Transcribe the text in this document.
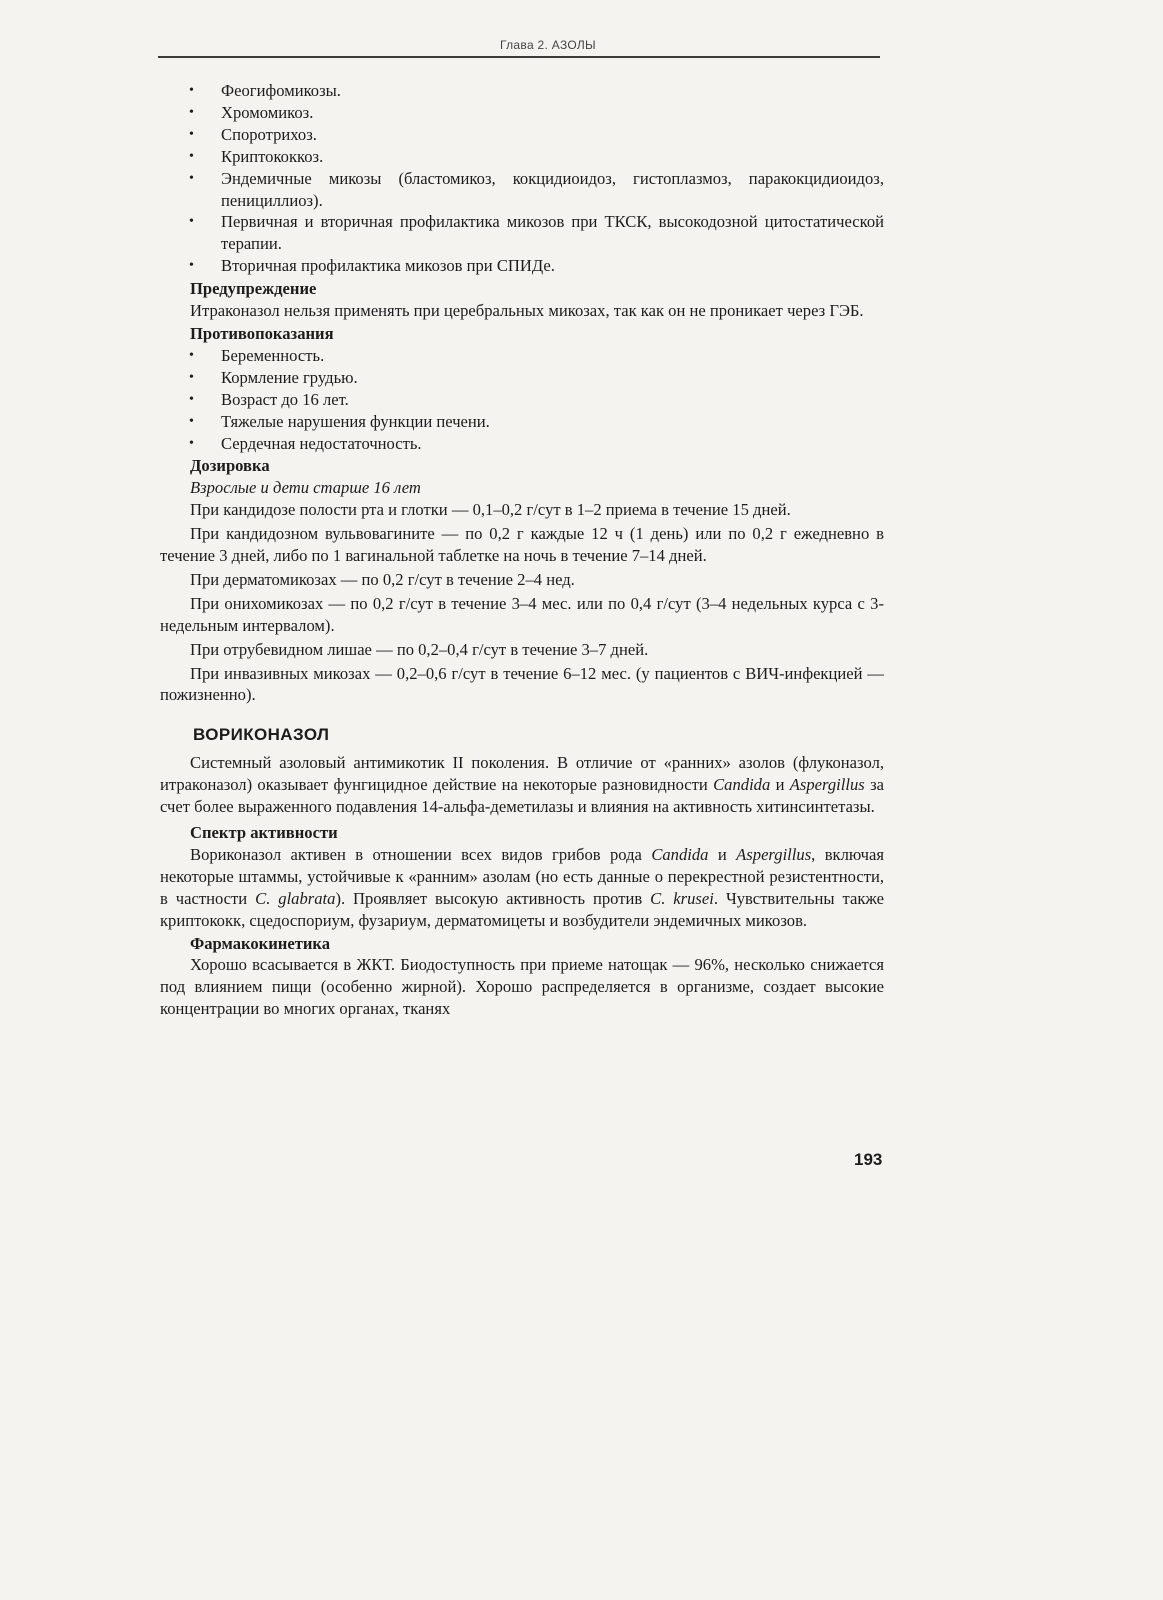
Глава 2. АЗОЛЫ
• Феогифомикозы.
• Хромомикоз.
• Споротрихоз.
• Криптококкоз.
• Эндемичные микозы (бластомикоз, кокцидиоидоз, гистоплазмоз, паракокцидиоидоз, пенициллиоз).
• Первичная и вторичная профилактика микозов при ТКСК, высокодозной цитостатической терапии.
• Вторичная профилактика микозов при СПИДе.
Предупреждение

Итраконазол нельзя применять при церебральных микозах, так как он не проникает через ГЭБ.

Противопоказания
• Беременность.
• Кормление грудью.
• Возраст до 16 лет.
• Тяжелые нарушения функции печени.
• Сердечная недостаточность.
Дозировка
Взрослые и дети старше 16 лет

При кандидозе полости рта и глотки — 0,1–0,2 г/сут в 1–2 приема в течение 15 дней.

При кандидозном вульвовагините — по 0,2 г каждые 12 ч (1 день) или по 0,2 г ежедневно в течение 3 дней, либо по 1 вагинальной таблетке на ночь в течение 7–14 дней.

При дерматомикозах — по 0,2 г/сут в течение 2–4 нед.

При онихомикозах — по 0,2 г/сут в течение 3–4 мес. или по 0,4 г/сут (3–4 недельных курса с 3-недельным интервалом).

При отрубевидном лишае — по 0,2–0,4 г/сут в течение 3–7 дней.

При инвазивных микозах — 0,2–0,6 г/сут в течение 6–12 мес. (у пациентов с ВИЧ-инфекцией — пожизненно).

ВОРИКОНАЗОЛ

Системный азоловый антимикотик II поколения. В отличие от «ранних» азолов (флуконазол, итраконазол) оказывает фунгицидное действие на некоторые разновидности Candida и Aspergillus за счет более выраженного подавления 14-альфа-деметилазы и влияния на активность хитинсинтетазы.

Спектр активности

Вориконазол активен в отношении всех видов грибов рода Candida и Aspergillus, включая некоторые штаммы, устойчивые к «ранним» азолам (но есть данные о перекрестной резистентности, в частности C. glabrata). Проявляет высокую активность против C. krusei. Чувствительны также криптококк, сцедоспориум, фузариум, дерматомицеты и возбудители эндемичных микозов.

Фармакокинетика

Хорошо всасывается в ЖКТ. Биодоступность при приеме натощак — 96%, несколько снижается под влиянием пищи (особенно жирной). Хорошо распределяется в организме, создает высокие концентрации во многих органах, тканях

193
